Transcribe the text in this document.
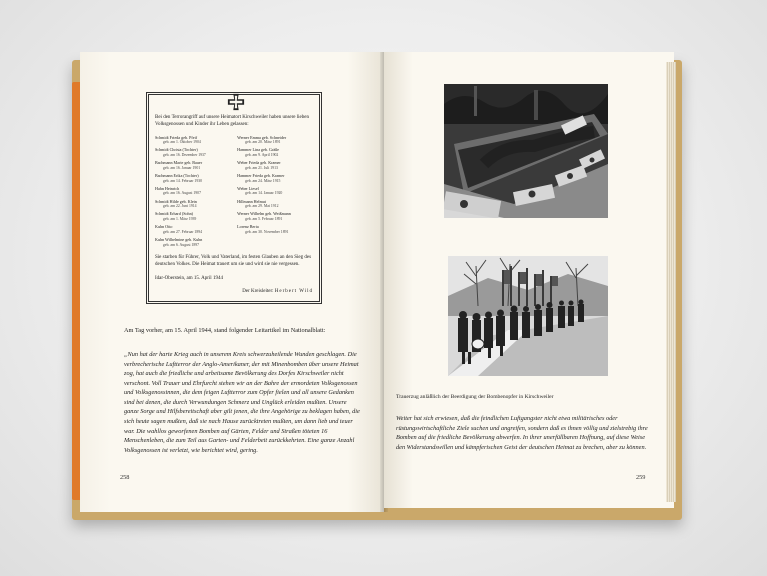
Bei den Terrorangriff auf unsere Heimatort Kirschweiler haben unsere lieben Volksgenossen und Kinder ihr Leben gelassen:
Schmidt Frieda geb. Pfeif
geb. am 1. Oktober 1904
Schmidt Christa (Tochter)
geb. am 16. Dezember 1937
Bachmann Marie geb. Bauer
geb. am 16. Januar 1901
Bachmann Erika (Tochter)
geb. am 14. Februar 1930
Hahn Heinrich
geb. am 16. August 1907
Schmidt Hilde geb. Klein
geb. am 22. Juni 1914
Schmidt Erhard (Sohn)
geb. am 1. März 1939
Kuhn Otto
geb. am 27. Februar 1894
Kuhn Wilhelmine geb. Kuhn
geb. am 6. August 1897
Werner Emma geb. Schneider
geb. am 20. März 1891
Hammer Lina geb. Gräße
geb. am 9. April 1902
Weber Frieda geb. Kramer
geb. am 21. Juli 1913
Hammer Frieda geb. Kramer
geb. am 24. März 1915
Weber Liesel
geb. am 14. Januar 1920
Hillmann Helmut
geb. am 29. Mai 1912
Werner Wilhelm geb. Weißmann
geb. am 5. Februar 1891
Lorenz Berta
geb. am 30. November 1891
Sie starben für Führer, Volk und Vaterland, im festen Glauben an den Sieg des deutschen Volkes. Die Heimat trauert um sie und wird sie nie vergessen.
Idar-Oberstein, am 15. April 1944
Der Kreisleiter: Herbert Wild
Am Tag vorher, am 15. April 1944, stand folgender Leitartikel im Nationalblatt:
„Nun hat der harte Krieg auch in unserem Kreis schwerzuheilende Wunden geschlagen. Die verbrecherische Luftterror der Anglo-Amerikaner, der mit Minenbomben über unsere Heimat zog, hat auch die friedliche und arbeitsame Bevölkerung des Dorfes Kirschweiler nicht verschont. Voll Trauer und Ehrfurcht stehen wir an der Bahre der ermordeten Volksgenossen und Volksgenossinnen, die dem feigen Luftterror zum Opfer fielen und all unsere Gedanken sind bei denen, die durch Verwundungen Schmerz und Unglück erleiden mußten. Unsere ganze Sorge und Hilfsbereitschaft aber gilt jenen, die ihre Angehörige zu beklagen haben, die sich heute sagen mußten, daß sie nach Hause zurücktreten mußten, um dann lieb und teuer war. Die wahllos geworfenen Bomben auf Gärten, Felder und Straßen töteten 16 Menschenleben, die zum Teil aus Garten- und Felderbeit zurückkehrten. Eine ganze Anzahl Volksgenossen ist verletzt, wie berichtet wird, gering.
258
Trauerzug anläßlich der Beerdigung der Bombenopfer in Kirschweiler
Weiter hat sich erwiesen, daß die feindlichen Luftgangster nicht etwa militärisches oder rüstungswirtschaftliche Ziele suchen und angreifen, sondern daß es ihnen völlig und zielstrebig ihre Bomben auf die friedliche Bevölkerung abwerfen. In ihrer unerfüllbaren Hoffnung, auf diese Weise den Widerstandswillen und kämpferischen Geist der deutschen Heimat zu brechen, aber zu können.
259
